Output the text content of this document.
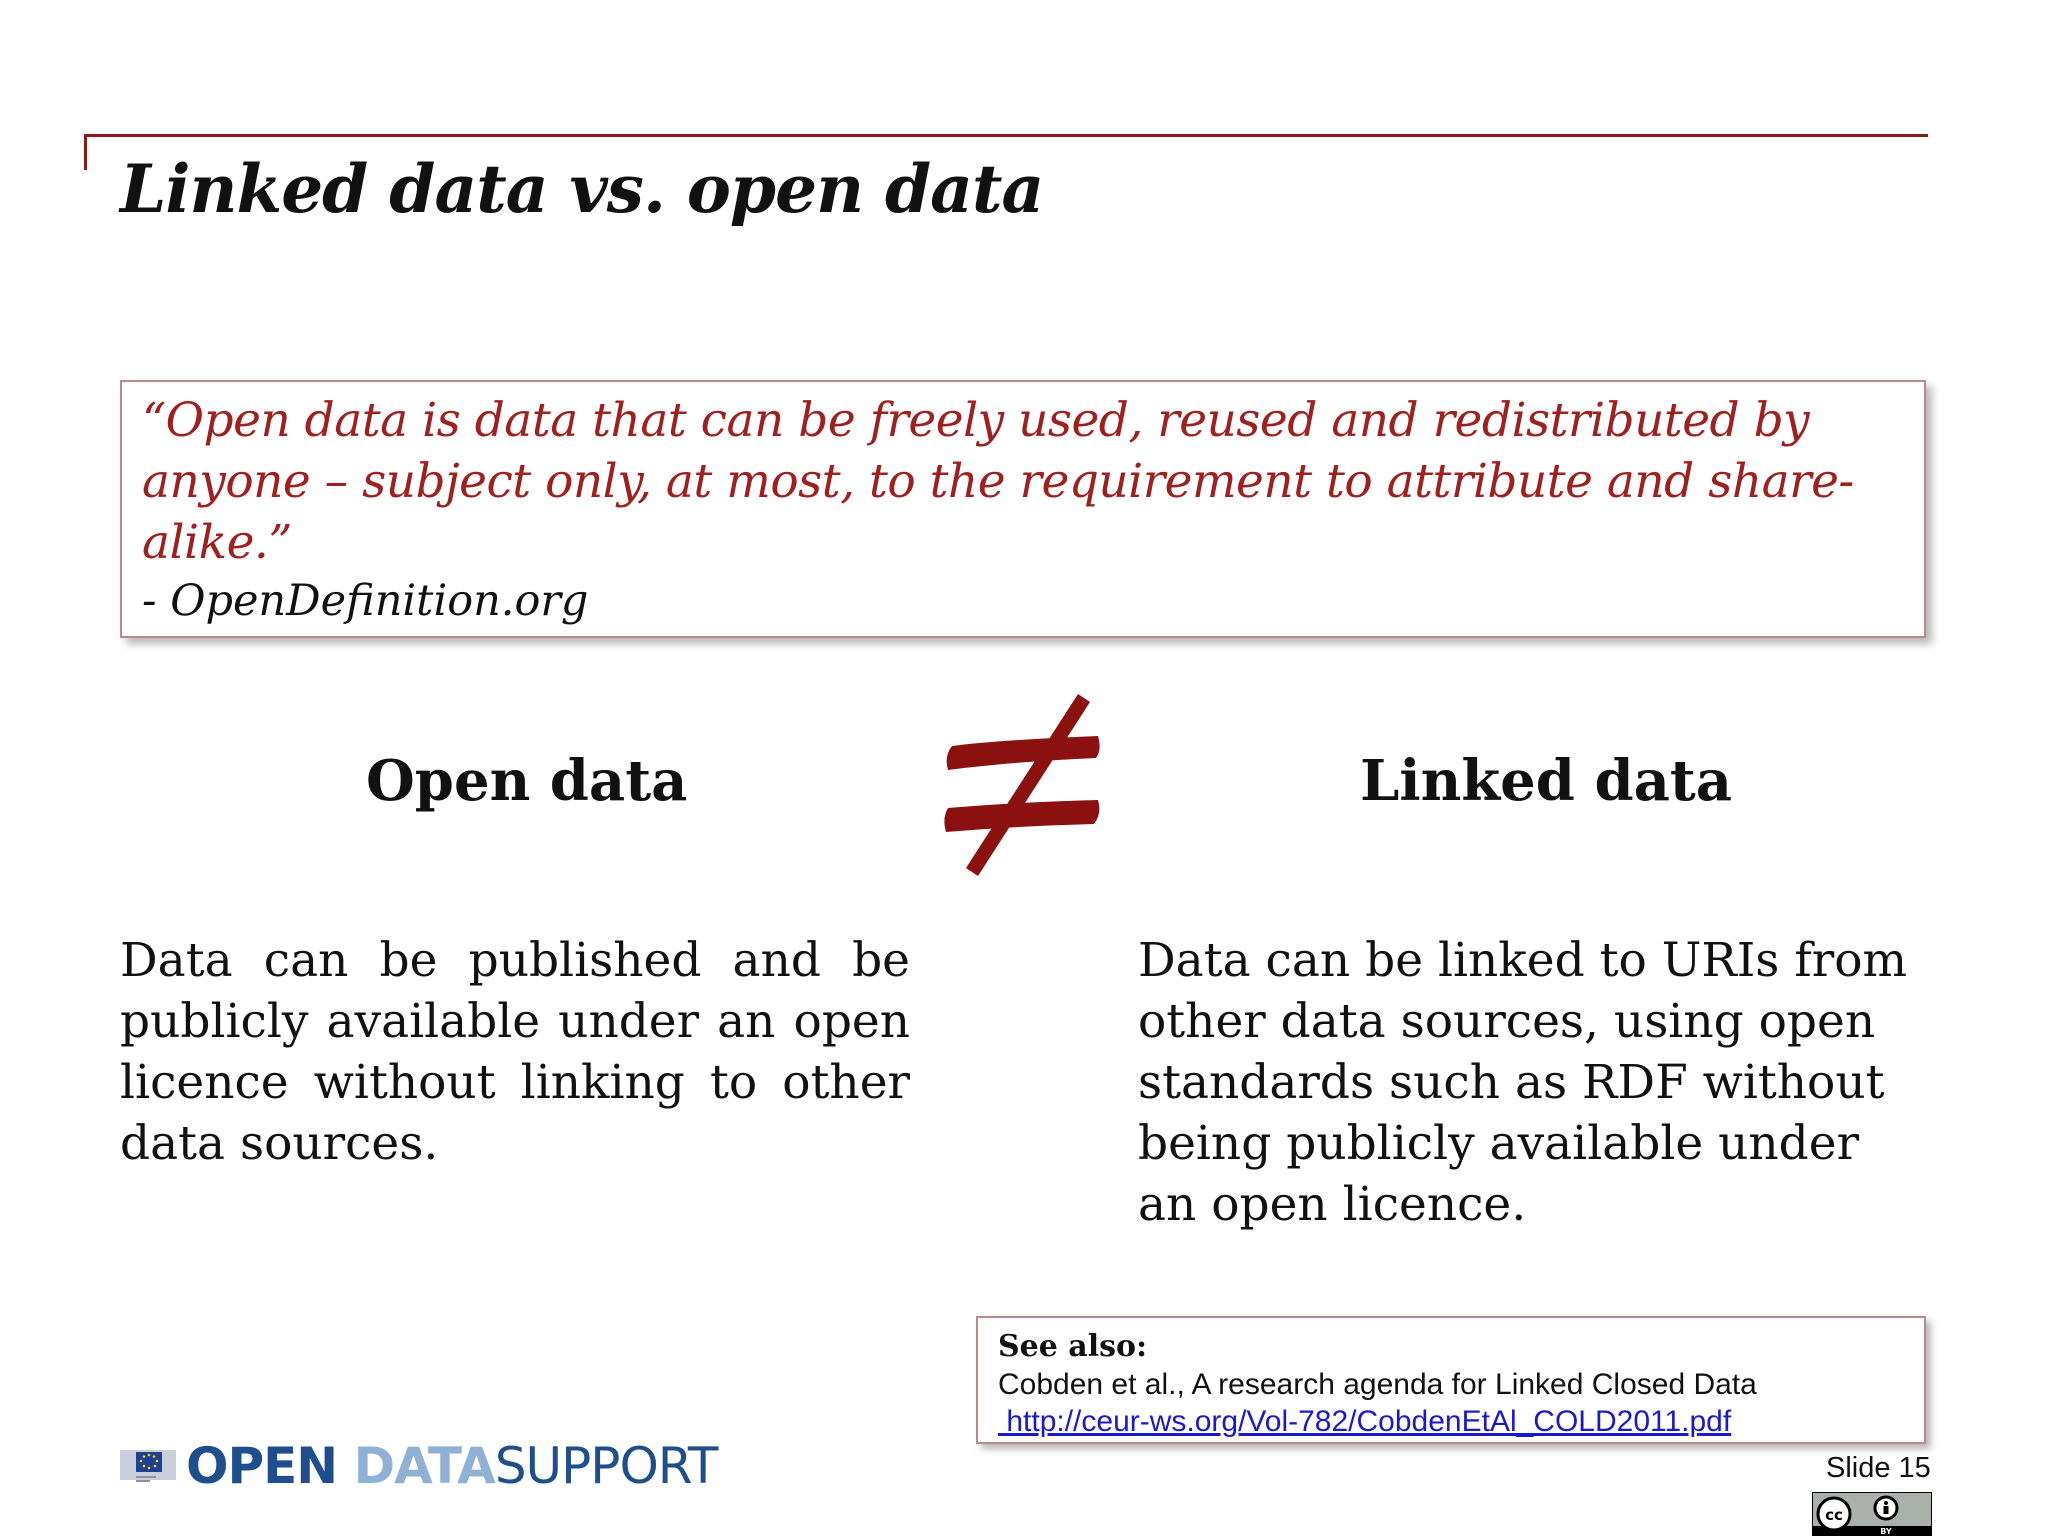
Linked data vs. open data

“Open data is data that can be freely used, reused and redistributed by anyone – subject only, at most, to the requirement to attribute and share-alike.”

- OpenDefinition.org

Open data	Linked data

Data can be published and be publicly available under an open licence without linking to other data sources.

Data can be linked to URIs from other data sources, using open standards such as RDF without being publicly available under an open licence.

See also:

Cobden et al., A research agenda for Linked Closed Data

http://ceur-ws.org/Vol-782/CobdenEtAl_COLD2011.pdf
OPEN DATASUPPORT	Slide 15

cc
BY
